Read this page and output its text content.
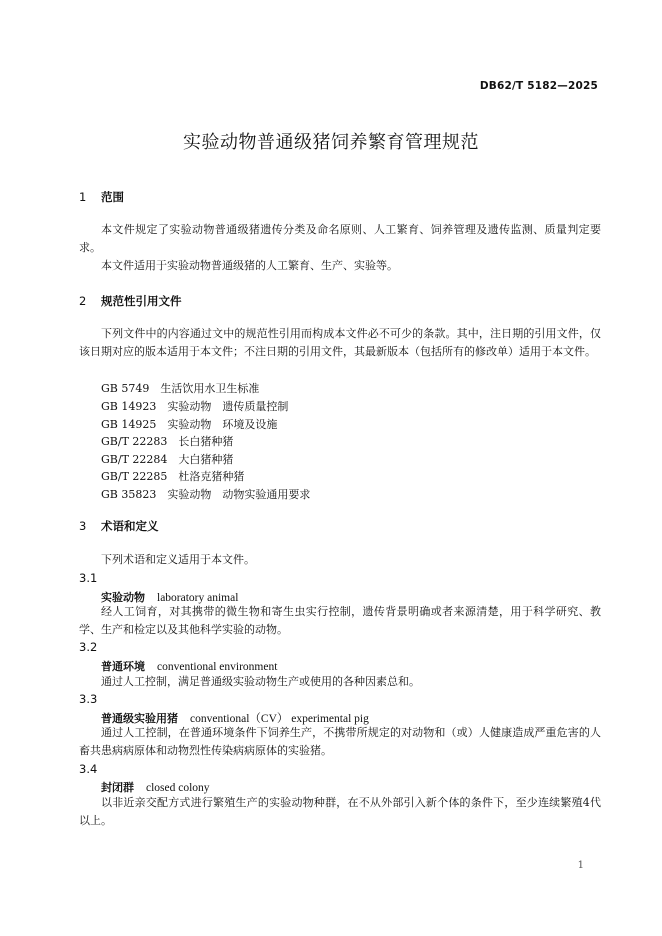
DB62/T 5182—2025
实验动物普通级猪饲养繁育管理规范
1 范围
本文件规定了实验动物普通级猪遗传分类及命名原则、人工繁育、饲养管理及遗传监测、质量判定要求。
本文件适用于实验动物普通级猪的人工繁育、生产、实验等。
2 规范性引用文件
下列文件中的内容通过文中的规范性引用而构成本文件必不可少的条款。其中，注日期的引用文件，仅该日期对应的版本适用于本文件；不注日期的引用文件，其最新版本（包括所有的修改单）适用于本文件。
GB 5749　生活饮用水卫生标准
GB 14923　实验动物　遗传质量控制
GB 14925　实验动物　环境及设施
GB/T 22283　长白猪种猪
GB/T 22284　大白猪种猪
GB/T 22285　杜洛克猪种猪
GB 35823　实验动物　动物实验通用要求
3 术语和定义
下列术语和定义适用于本文件。
3.1
实验动物 laboratory animal
经人工饲育，对其携带的微生物和寄生虫实行控制，遗传背景明确或者来源清楚，用于科学研究、教学、生产和检定以及其他科学实验的动物。
3.2
普通环境 conventional environment
通过人工控制，满足普通级实验动物生产或使用的各种因素总和。
3.3
普通级实验用猪 conventional（CV） experimental pig
通过人工控制，在普通环境条件下饲养生产，不携带所规定的对动物和（或）人健康造成严重危害的人畜共患病病原体和动物烈性传染病病原体的实验猪。
3.4
封闭群 closed colony
以非近亲交配方式进行繁殖生产的实验动物种群，在不从外部引入新个体的条件下，至少连续繁殖4代以上。
1
